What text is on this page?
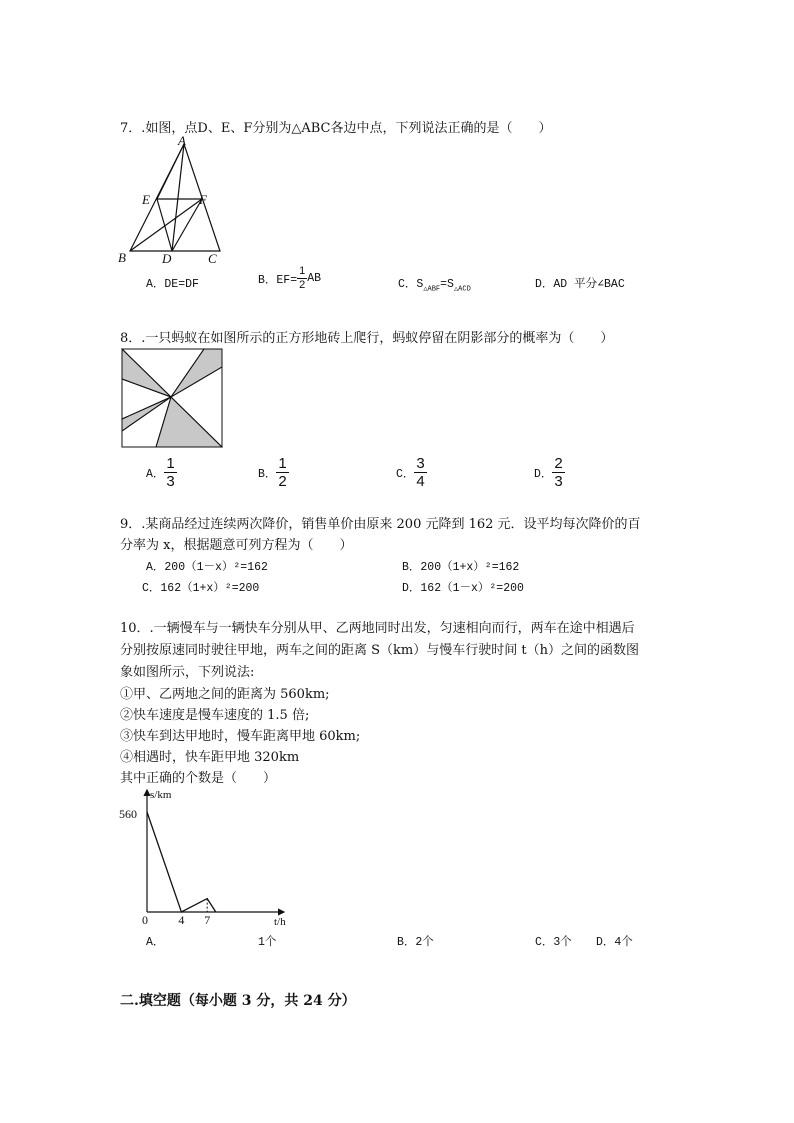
7．.如图，点D、E、F分别为△ABC各边中点，下列说法正确的是（　　）
A
E	F
B	D	C
A．DE=DF	B．$EF= \frac{1}{2}$ AB	C．$S_{\triangle ABF}=S_{\triangle ACD}$	D．AD 平分∠BAC
8．.一只蚂蚁在如图所示的正方形地砖上爬行，蚂蚁停留在阴影部分的概率为（　　）
A． $\frac{1}{3}$	B． $\frac{1}{2}$	C． $\frac{3}{4}$	D． $\frac{2}{3}$
9．.某商品经过连续两次降价，销售单价由原来 200 元降到 162 元．设平均每次降价的百
分率为 x，根据题意可列方程为（　　）
A．200（1－x）²=162	B．200（1+x）²=162
C．162（1+x）²=200	D．162（1－x）²=200
10．.一辆慢车与一辆快车分别从甲、乙两地同时出发，匀速相向而行，两车在途中相遇后
分别按原速同时驶往甲地，两车之间的距离 S（km）与慢车行驶时间 t（h）之间的函数图
象如图所示，下列说法:
①甲、乙两地之间的距离为 560km;
②快车速度是慢车速度的 1.5 倍;
③快车到达甲地时，慢车距离甲地 60km;
④相遇时，快车距甲地 320km
其中正确的个数是（　　）
s/km
t/h
560
0	4 7
A．	1个	B．2个	C．3个 D．4个
二.填空题（每小题 3 分，共 24 分）
